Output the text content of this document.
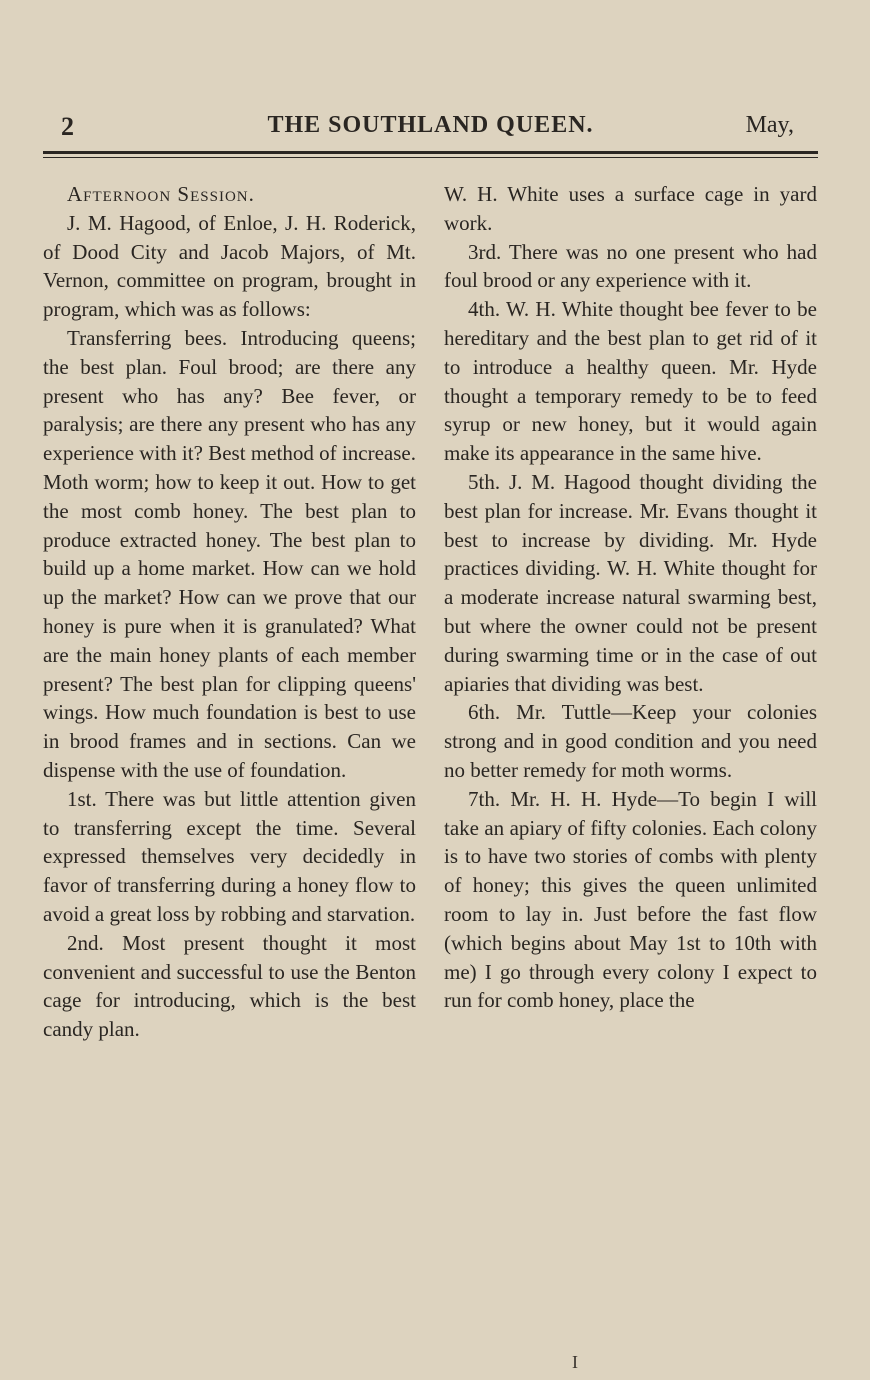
2	THE SOUTHLAND QUEEN.	May,

Afternoon Session.

J. M. Hagood, of Enloe, J. H. Roderick, of Dood City and Jacob Majors, of Mt. Vernon, committee on program, brought in program, which was as follows:

Transferring bees. Introducing queens; the best plan. Foul brood; are there any present who has any? Bee fever, or paralysis; are there any present who has any experience with it? Best method of increase. Moth worm; how to keep it out. How to get the most comb honey. The best plan to produce extracted honey. The best plan to build up a home market. How can we hold up the market? How can we prove that our honey is pure when it is granulated? What are the main honey plants of each member present? The best plan for clipping queens' wings. How much foundation is best to use in brood frames and in sections. Can we dispense with the use of foundation.

1st. There was but little attention given to transferring except the time. Several expressed themselves very decidedly in favor of transferring during a honey flow to avoid a great loss by robbing and starvation.

2nd. Most present thought it most convenient and successful to use the Benton cage for introducing, which is the best candy plan.

W. H. White uses a surface cage in yard work.

3rd. There was no one present who had foul brood or any experience with it.

4th. W. H. White thought bee fever to be hereditary and the best plan to get rid of it to introduce a healthy queen. Mr. Hyde thought a temporary remedy to be to feed syrup or new honey, but it would again make its appearance in the same hive.

5th. J. M. Hagood thought dividing the best plan for increase. Mr. Evans thought it best to increase by dividing. Mr. Hyde practices dividing. W. H. White thought for a moderate increase natural swarming best, but where the owner could not be present during swarming time or in the case of out apiaries that dividing was best.

6th. Mr. Tuttle—Keep your colonies strong and in good condition and you need no better remedy for moth worms.

7th. Mr. H. H. Hyde—To begin I will take an apiary of fifty colonies. Each colony is to have two stories of combs with plenty of honey; this gives the queen unlimited room to lay in. Just before the fast flow (which begins about May 1st to 10th with me) I go through every colony I expect to run for comb honey, place the

I
